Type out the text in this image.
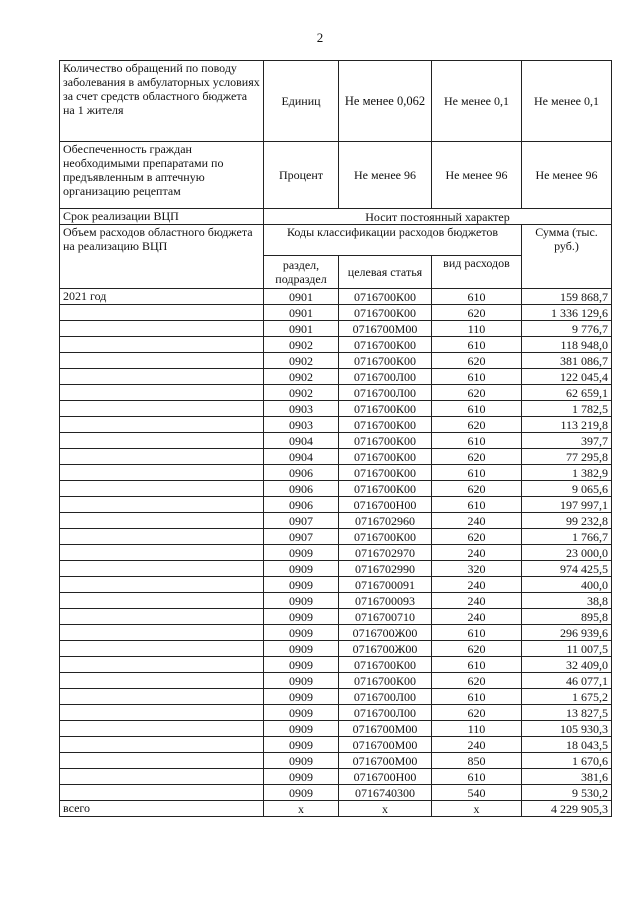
2
Количество обращений по поводу заболевания в амбулаторных условиях за счет средств областного бюджета на 1 жителя	Единиц	Не менее 0,062	Не менее 0,1	Не менее 0,1
Обеспеченность граждан необходимыми препаратами по предъявленным в аптечную организацию рецептам	Процент	Не менее 96	Не менее 96	Не менее 96
Срок реализации ВЦП	Носит постоянный характер			
Объем расходов областного бюджета на реализацию ВЦП	Коды классификации расходов бюджетов			Сумма (тыс. руб.)
	раздел, подраздел	целевая статья	вид расходов	
2021 год	0901	0716700К00	610	159 868,7
	0901	0716700К00	620	1 336 129,6
	0901	0716700М00	110	9 776,7
	0902	0716700К00	610	118 948,0
	0902	0716700К00	620	381 086,7
	0902	0716700Л00	610	122 045,4
	0902	0716700Л00	620	62 659,1
	0903	0716700К00	610	1 782,5
	0903	0716700К00	620	113 219,8
	0904	0716700К00	610	397,7
	0904	0716700К00	620	77 295,8
	0906	0716700К00	610	1 382,9
	0906	0716700К00	620	9 065,6
	0906	0716700Н00	610	197 997,1
	0907	0716702960	240	99 232,8
	0907	0716700К00	620	1 766,7
	0909	0716702970	240	23 000,0
	0909	0716702990	320	974 425,5
	0909	0716700091	240	400,0
	0909	0716700093	240	38,8
	0909	0716700710	240	895,8
	0909	0716700Ж00	610	296 939,6
	0909	0716700Ж00	620	11 007,5
	0909	0716700К00	610	32 409,0
	0909	0716700К00	620	46 077,1
	0909	0716700Л00	610	1 675,2
	0909	0716700Л00	620	13 827,5
	0909	0716700М00	110	105 930,3
	0909	0716700М00	240	18 043,5
	0909	0716700М00	850	1 670,6
	0909	0716700Н00	610	381,6
	0909	0716740300	540	9 530,2
всего	х	х	х	4 229 905,3
